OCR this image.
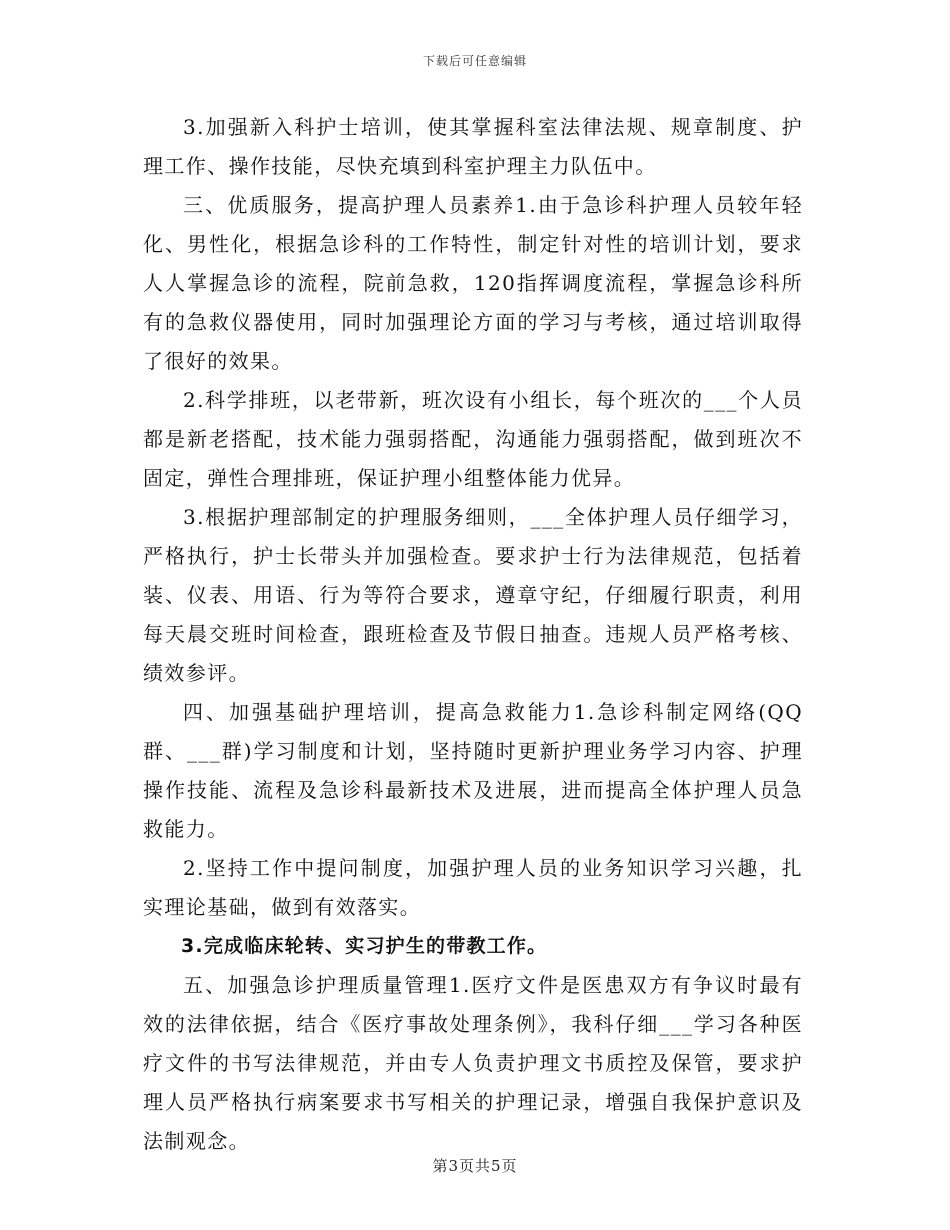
下载后可任意编辑

3.加强新入科护士培训，使其掌握科室法律法规、规章制度、护理工作、操作技能，尽快充填到科室护理主力队伍中。

三、优质服务，提高护理人员素养1.由于急诊科护理人员较年轻化、男性化，根据急诊科的工作特性，制定针对性的培训计划，要求人人掌握急诊的流程，院前急救，120指挥调度流程，掌握急诊科所有的急救仪器使用，同时加强理论方面的学习与考核，通过培训取得了很好的效果。

2.科学排班，以老带新，班次设有小组长，每个班次的___个人员都是新老搭配，技术能力强弱搭配，沟通能力强弱搭配，做到班次不固定，弹性合理排班，保证护理小组整体能力优异。

3.根据护理部制定的护理服务细则，___全体护理人员仔细学习，严格执行，护士长带头并加强检查。要求护士行为法律规范，包括着装、仪表、用语、行为等符合要求，遵章守纪，仔细履行职责，利用每天晨交班时间检查，跟班检查及节假日抽查。违规人员严格考核、绩效参评。

四、加强基础护理培训，提高急救能力1.急诊科制定网络(QQ群、___群)学习制度和计划，坚持随时更新护理业务学习内容、护理操作技能、流程及急诊科最新技术及进展，进而提高全体护理人员急救能力。

2.坚持工作中提问制度，加强护理人员的业务知识学习兴趣，扎实理论基础，做到有效落实。

3.完成临床轮转、实习护生的带教工作。

五、加强急诊护理质量管理1.医疗文件是医患双方有争议时最有效的法律依据，结合《医疗事故处理条例》，我科仔细___学习各种医疗文件的书写法律规范，并由专人负责护理文书质控及保管，要求护理人员严格执行病案要求书写相关的护理记录，增强自我保护意识及法制观念。

第3页共5页
